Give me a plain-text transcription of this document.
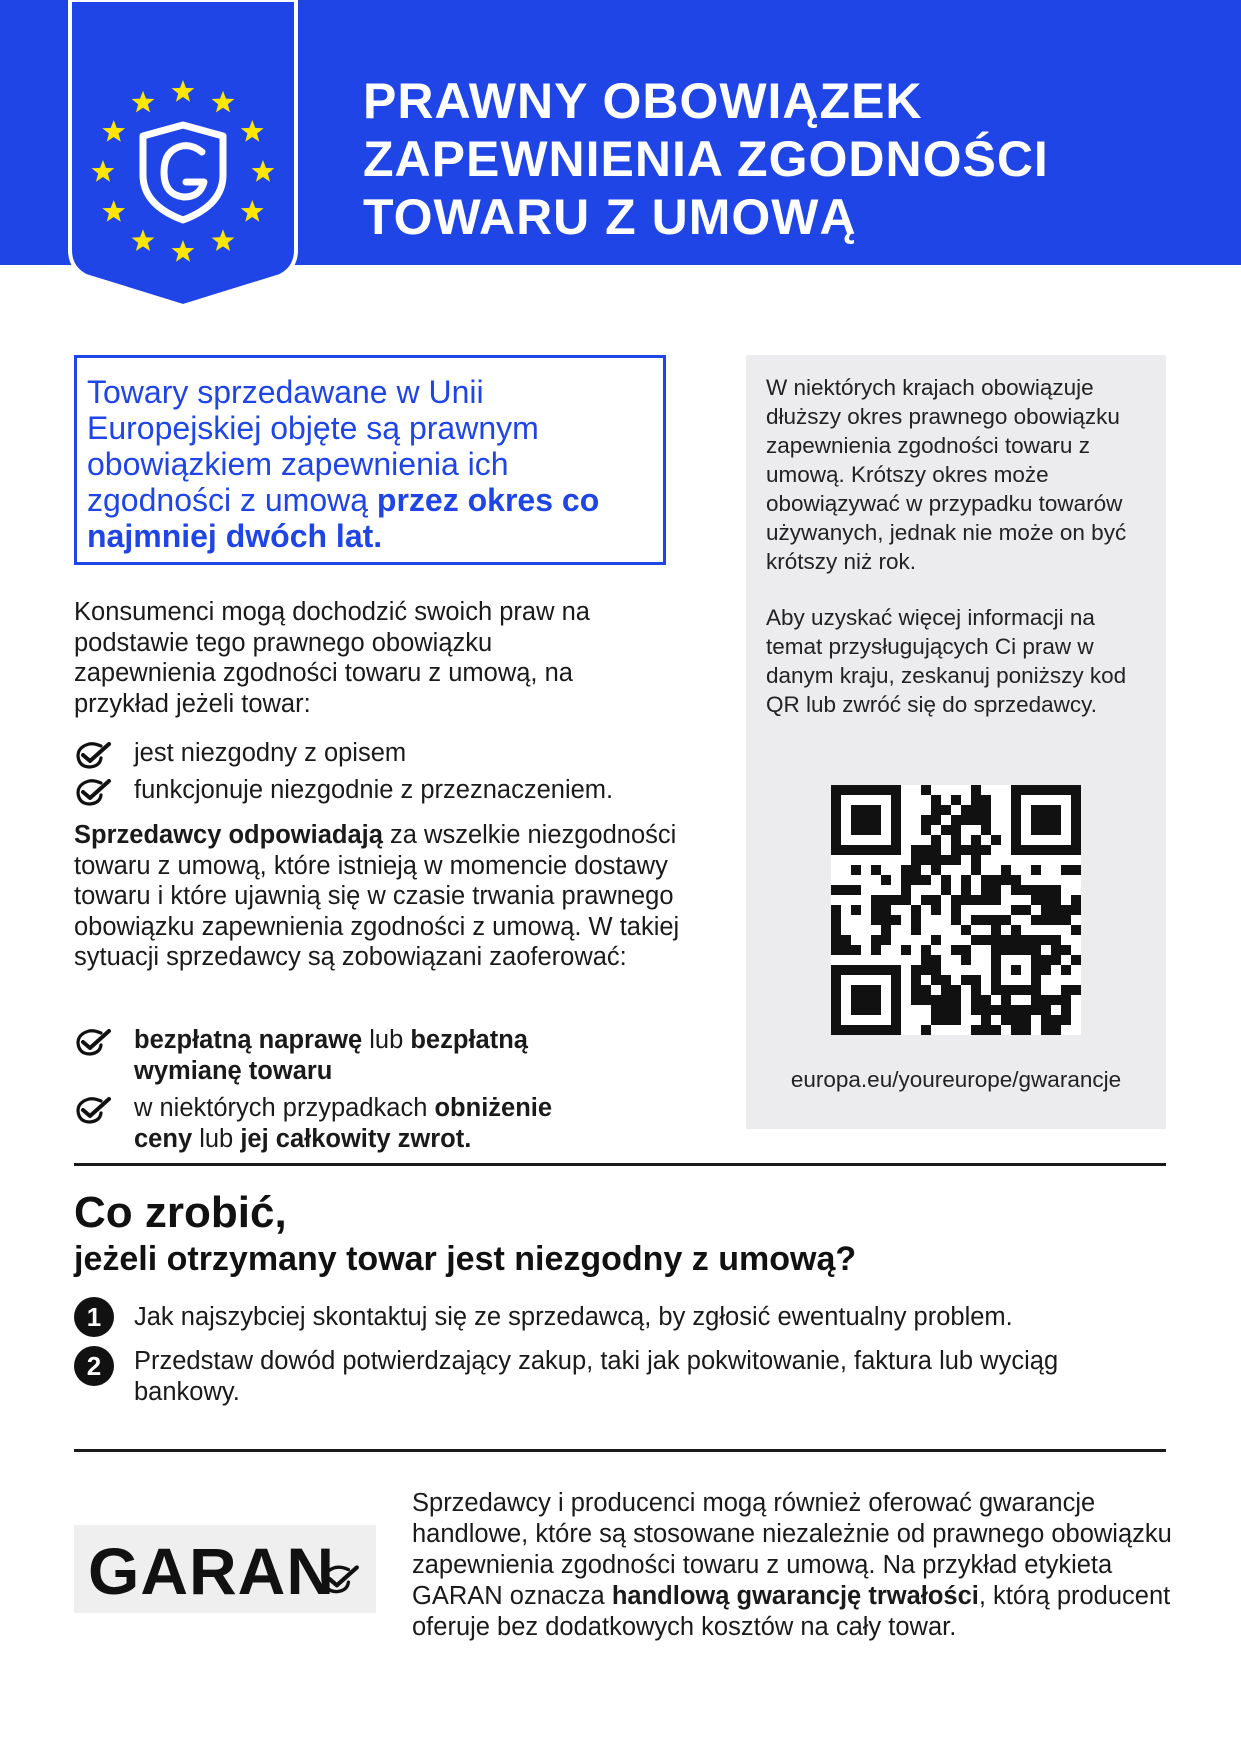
PRAWNY OBOWIĄZEK
ZAPEWNIENIA ZGODNOŚCI
TOWARU Z UMOWĄ
Towary sprzedawane w Unii Europejskiej objęte są prawnym obowiązkiem zapewnienia ich zgodności z umową przez okres co najmniej dwóch lat.
Konsumenci mogą dochodzić swoich praw na podstawie tego prawnego obowiązku zapewnienia zgodności towaru z umową, na przykład jeżeli towar:
jest niezgodny z opisem
funkcjonuje niezgodnie z przeznaczeniem.
Sprzedawcy odpowiadają za wszelkie niezgodności towaru z umową, które istnieją w momencie dostawy towaru i które ujawnią się w czasie trwania prawnego obowiązku zapewnienia zgodności z umową. W takiej sytuacji sprzedawcy są zobowiązani zaoferować:
bezpłatną naprawę lub bezpłatną
wymianę towaru
w niektórych przypadkach obniżenie
ceny lub jej całkowity zwrot.
W niektórych krajach obowiązuje dłuższy okres prawnego obowiązku zapewnienia zgodności towaru z umową. Krótszy okres może obowiązywać w przypadku towarów używanych, jednak nie może on być krótszy niż rok.
Aby uzyskać więcej informacji na temat przysługujących Ci praw w danym kraju, zeskanuj poniższy kod QR lub zwróć się do sprzedawcy.
europa.eu/youreurope/gwarancje
Co zrobić,
jeżeli otrzymany towar jest niezgodny z umową?
1	Jak najszybciej skontaktuj się ze sprzedawcą, by zgłosić ewentualny problem.
2	Przedstaw dowód potwierdzający zakup, taki jak pokwitowanie, faktura lub wyciąg bankowy.
GARAN
Sprzedawcy i producenci mogą również oferować gwarancje handlowe, które są stosowane niezależnie od prawnego obowiązku zapewnienia zgodności towaru z umową. Na przykład etykieta GARAN oznacza handlową gwarancję trwałości, którą producent oferuje bez dodatkowych kosztów na cały towar.
